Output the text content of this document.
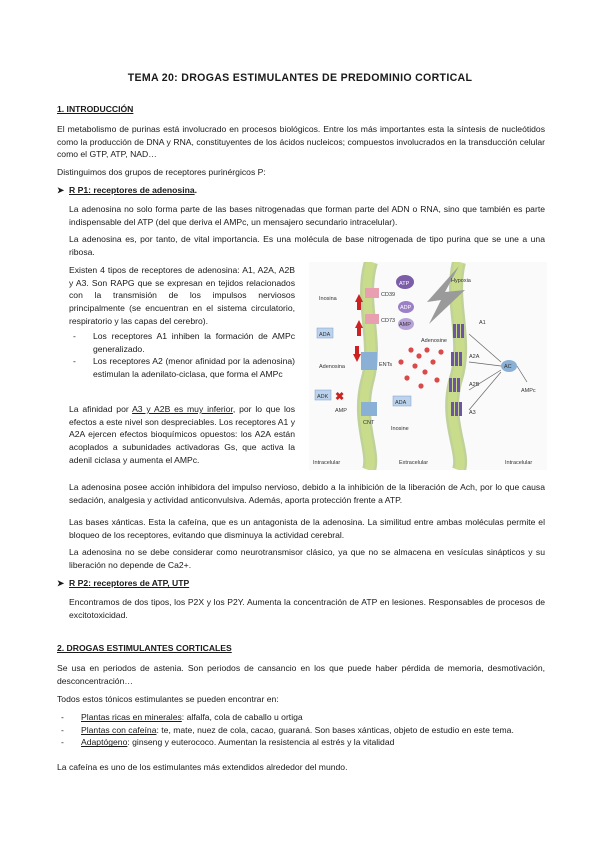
TEMA 20: DROGAS ESTIMULANTES DE PREDOMINIO CORTICAL
1. INTRODUCCIÓN
El metabolismo de purinas está involucrado en procesos biológicos. Entre los más importantes esta la síntesis de nucleótidos como la producción de DNA y RNA, constituyentes de los ácidos nucleicos; compuestos involucrados en la transducción celular como el GTP, ATP, NAD…
Distinguimos dos grupos de receptores purinérgicos P:
➤ R P1: receptores de adenosina.
La adenosina no solo forma parte de las bases nitrogenadas que forman parte del ADN o RNA, sino que también es parte indispensable del ATP (del que deriva el AMPc, un mensajero secundario intracelular).
La adenosina es, por tanto, de vital importancia. Es una molécula de base nitrogenada de tipo purina que se une a una ribosa.
Existen 4 tipos de receptores de adenosina: A1, A2A, A2B y A3. Son RAPG que se expresan en tejidos relacionados con la transmisión de los impulsos nerviosos principalmente (se encuentran en el sistema circulatorio, respiratorio y las capas del cerebro).
- Los receptores A1 inhiben la formación de AMPc generalizado.
- Los receptores A2 (menor afinidad por la adenosina) estimulan la adenilato-ciclasa, que forma el AMPc
La afinidad por A3 y A2B es muy inferior, por lo que los efectos a este nivel son despreciables. Los receptores A1 y A2A ejercen efectos bioquímicos opuestos: los A2A están acoplados a subunidades activadoras Gs, que activa la adenil ciclasa y aumenta el AMPc.
Hypoxia
ATP
ADP
AMP
CD39
CD73
Inosina
ADA
Adenosina
ADK ✖
AMP
ENTs
CNT
ADA
Inosine
Adenosine
A1
A2A
A2B
A3
AC
AMPc
Intracelular	Extracelular	Intracelular
La adenosina posee acción inhibidora del impulso nervioso, debido a la inhibición de la liberación de Ach, por lo que causa sedación, analgesia y actividad anticonvulsiva. Además, aporta protección frente a ATP.
Las bases xánticas. Esta la cafeína, que es un antagonista de la adenosina. La similitud entre ambas moléculas permite el bloqueo de los receptores, evitando que disminuya la actividad cerebral.
La adenosina no se debe considerar como neurotransmisor clásico, ya que no se almacena en vesículas sinápticos y su liberación no depende de Ca2+.
➤ R P2: receptores de ATP, UTP
Encontramos de dos tipos, los P2X y los P2Y. Aumenta la concentración de ATP en lesiones. Responsables de procesos de excitotoxicidad.
2. DROGAS ESTIMULANTES CORTICALES
Se usa en periodos de astenia. Son periodos de cansancio en los que puede haber pérdida de memoria, desmotivación, desconcentración…
Todos estos tónicos estimulantes se pueden encontrar en:
- Plantas ricas en minerales: alfalfa, cola de caballo u ortiga
- Plantas con cafeína: te, mate, nuez de cola, cacao, guaraná. Son bases xánticas, objeto de estudio en este tema.
- Adaptógeno: ginseng y euterococo. Aumentan la resistencia al estrés y la vitalidad
La cafeína es uno de los estimulantes más extendidos alrededor del mundo.
